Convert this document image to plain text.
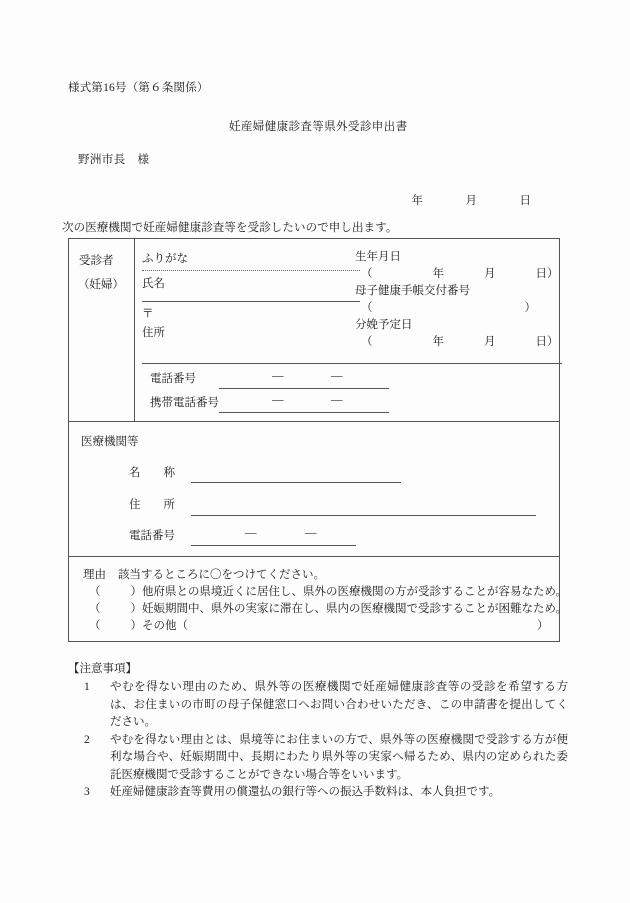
様式第16号（第６条関係）
妊産婦健康診査等県外受診申出書
野洲市長　様

年	月	日

次の医療機関で妊産婦健康診査等を受診したいので申し出ます。
受診者
（妊婦）
ふりがな
氏名
〒
住所
電話番号	―	―
携帯電話番号	―	―
生年月日
（	年	月	日）
母子健康手帳交付番号
（	）
分娩予定日
（	年	月	日）
医療機関等
名　　称
住　　所
電話番号	―	―
理由 該当するところに〇をつけてください。
（	）他府県との県境近くに居住し、県外の医療機関の方が受診することが容易なため。
（	）妊娠期間中、県外の実家に滞在し、県内の医療機関で受診することが困難なため。
（	）その他（	）
【注意事項】
1 やむを得ない理由のため、県外等の医療機関で妊産婦健康診査等の受診を希望する方は、お住まいの市町の母子保健窓口へお問い合わせいただき、この申請書を提出してください。
2 やむを得ない理由とは、県境等にお住まいの方で、県外等の医療機関で受診する方が便利な場合や、妊娠期間中、長期にわたり県外等の実家へ帰るため、県内の定められた委託医療機関で受診することができない場合等をいいます。
3 妊産婦健康診査等費用の償還払の銀行等への振込手数料は、本人負担です。
